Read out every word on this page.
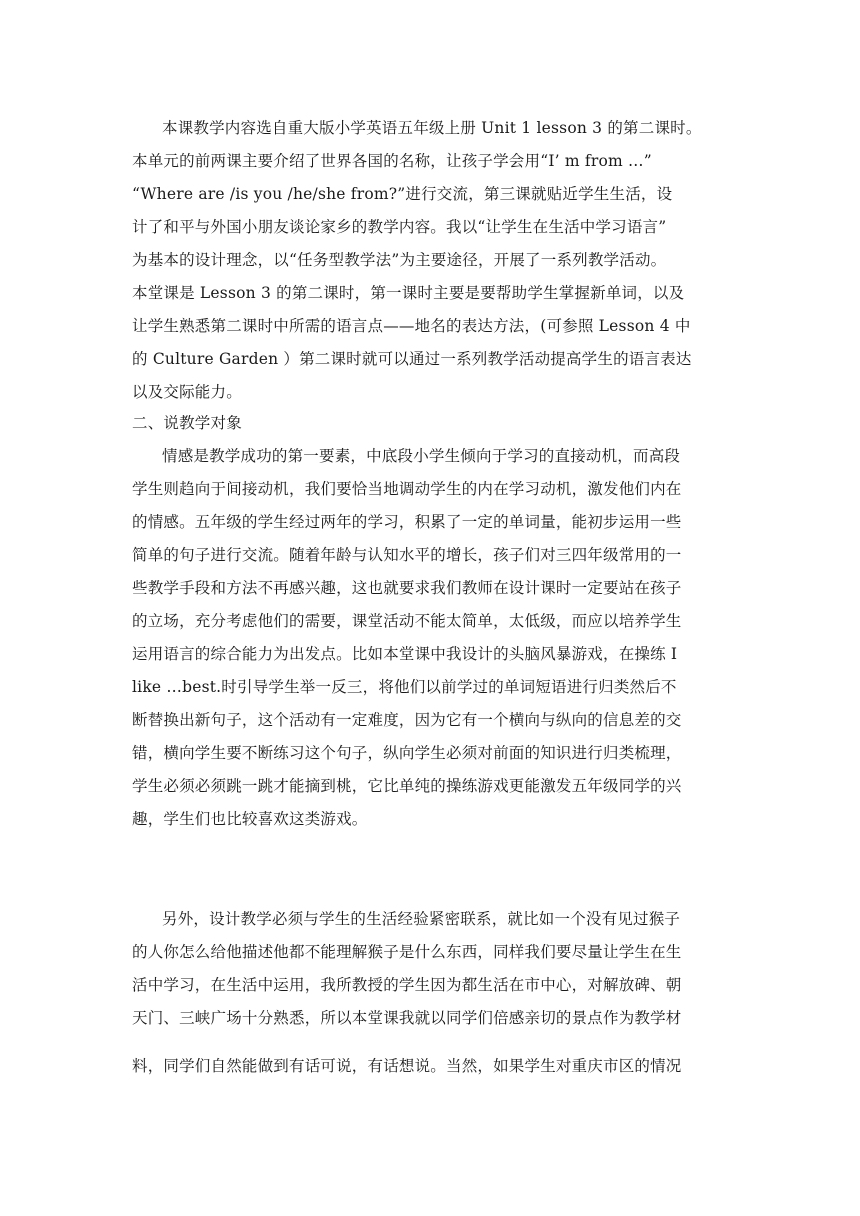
本课教学内容选自重大版小学英语五年级上册 Unit 1 lesson 3 的第二课时。
本单元的前两课主要介绍了世界各国的名称，让孩子学会用“I’ m from …”
“Where are /is you /he/she from?”进行交流，第三课就贴近学生生活，设
计了和平与外国小朋友谈论家乡的教学内容。我以“让学生在生活中学习语言”
为基本的设计理念，以“任务型教学法”为主要途径，开展了一系列教学活动。
本堂课是 Lesson 3 的第二课时，第一课时主要是要帮助学生掌握新单词，以及
让学生熟悉第二课时中所需的语言点——地名的表达方法，(可参照 Lesson 4 中
的 Culture Garden ）第二课时就可以通过一系列教学活动提高学生的语言表达
以及交际能力。
二、说教学对象
情感是教学成功的第一要素，中底段小学生倾向于学习的直接动机，而高段
学生则趋向于间接动机，我们要恰当地调动学生的内在学习动机，激发他们内在
的情感。五年级的学生经过两年的学习，积累了一定的单词量，能初步运用一些
简单的句子进行交流。随着年龄与认知水平的增长，孩子们对三四年级常用的一
些教学手段和方法不再感兴趣，这也就要求我们教师在设计课时一定要站在孩子
的立场，充分考虑他们的需要，课堂活动不能太简单，太低级，而应以培养学生
运用语言的综合能力为出发点。比如本堂课中我设计的头脑风暴游戏，在操练 I
like …best.时引导学生举一反三，将他们以前学过的单词短语进行归类然后不
断替换出新句子，这个活动有一定难度，因为它有一个横向与纵向的信息差的交
错，横向学生要不断练习这个句子，纵向学生必须对前面的知识进行归类梳理，
学生必须必须跳一跳才能摘到桃，它比单纯的操练游戏更能激发五年级同学的兴
趣，学生们也比较喜欢这类游戏。
另外，设计教学必须与学生的生活经验紧密联系，就比如一个没有见过猴子
的人你怎么给他描述他都不能理解猴子是什么东西，同样我们要尽量让学生在生
活中学习，在生活中运用，我所教授的学生因为都生活在市中心，对解放碑、朝
天门、三峡广场十分熟悉，所以本堂课我就以同学们倍感亲切的景点作为教学材
料，同学们自然能做到有话可说，有话想说。当然，如果学生对重庆市区的情况
